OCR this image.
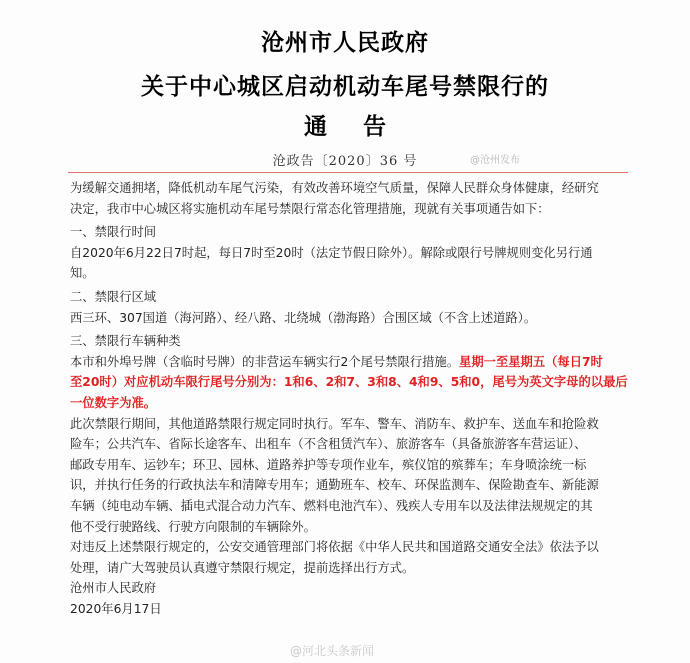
沧州市人民政府
关于中心城区启动机动车尾号禁限行的
通告
沧政告〔2020〕36 号	@沧州发布

为缓解交通拥堵，降低机动车尾气污染，有效改善环境空气质量，保障人民群众身体健康，经研究

决定，我市中心城区将实施机动车尾号禁限行常态化管理措施，现就有关事项通告如下：

一、禁限行时间

自2020年6月22日7时起，每日7时至20时（法定节假日除外）。解除或限行号牌规则变化另行通

知。

二、禁限行区域

西三环、307国道（海河路）、经八路、北绕城（渤海路）合围区域（不含上述道路）。

三、禁限行车辆种类

本市和外埠号牌（含临时号牌）的非营运车辆实行2个尾号禁限行措施。星期一至星期五（每日7时

至20时）对应机动车限行尾号分别为：1和6、2和7、3和8、4和9、5和0，尾号为英文字母的以最后

一位数字为准。

此次禁限行期间，其他道路禁限行规定同时执行。军车、警车、消防车、救护车、送血车和抢险救

险车；公共汽车、省际长途客车、出租车（不含租赁汽车）、旅游客车（具备旅游客车营运证）、

邮政专用车、运钞车；环卫、园林、道路养护等专项作业车，殡仪馆的殡葬车；车身喷涂统一标

识，并执行任务的行政执法车和清障专用车；通勤班车、校车、环保监测车、保险勘查车、新能源

车辆（纯电动车辆、插电式混合动力汽车、燃料电池汽车）、残疾人专用车以及法律法规规定的其

他不受行驶路线、行驶方向限制的车辆除外。

对违反上述禁限行规定的，公安交通管理部门将依据《中华人民共和国道路交通安全法》依法予以

处理，请广大驾驶员认真遵守禁限行规定，提前选择出行方式。

沧州市人民政府

2020年6月17日

@河北头条新闻
